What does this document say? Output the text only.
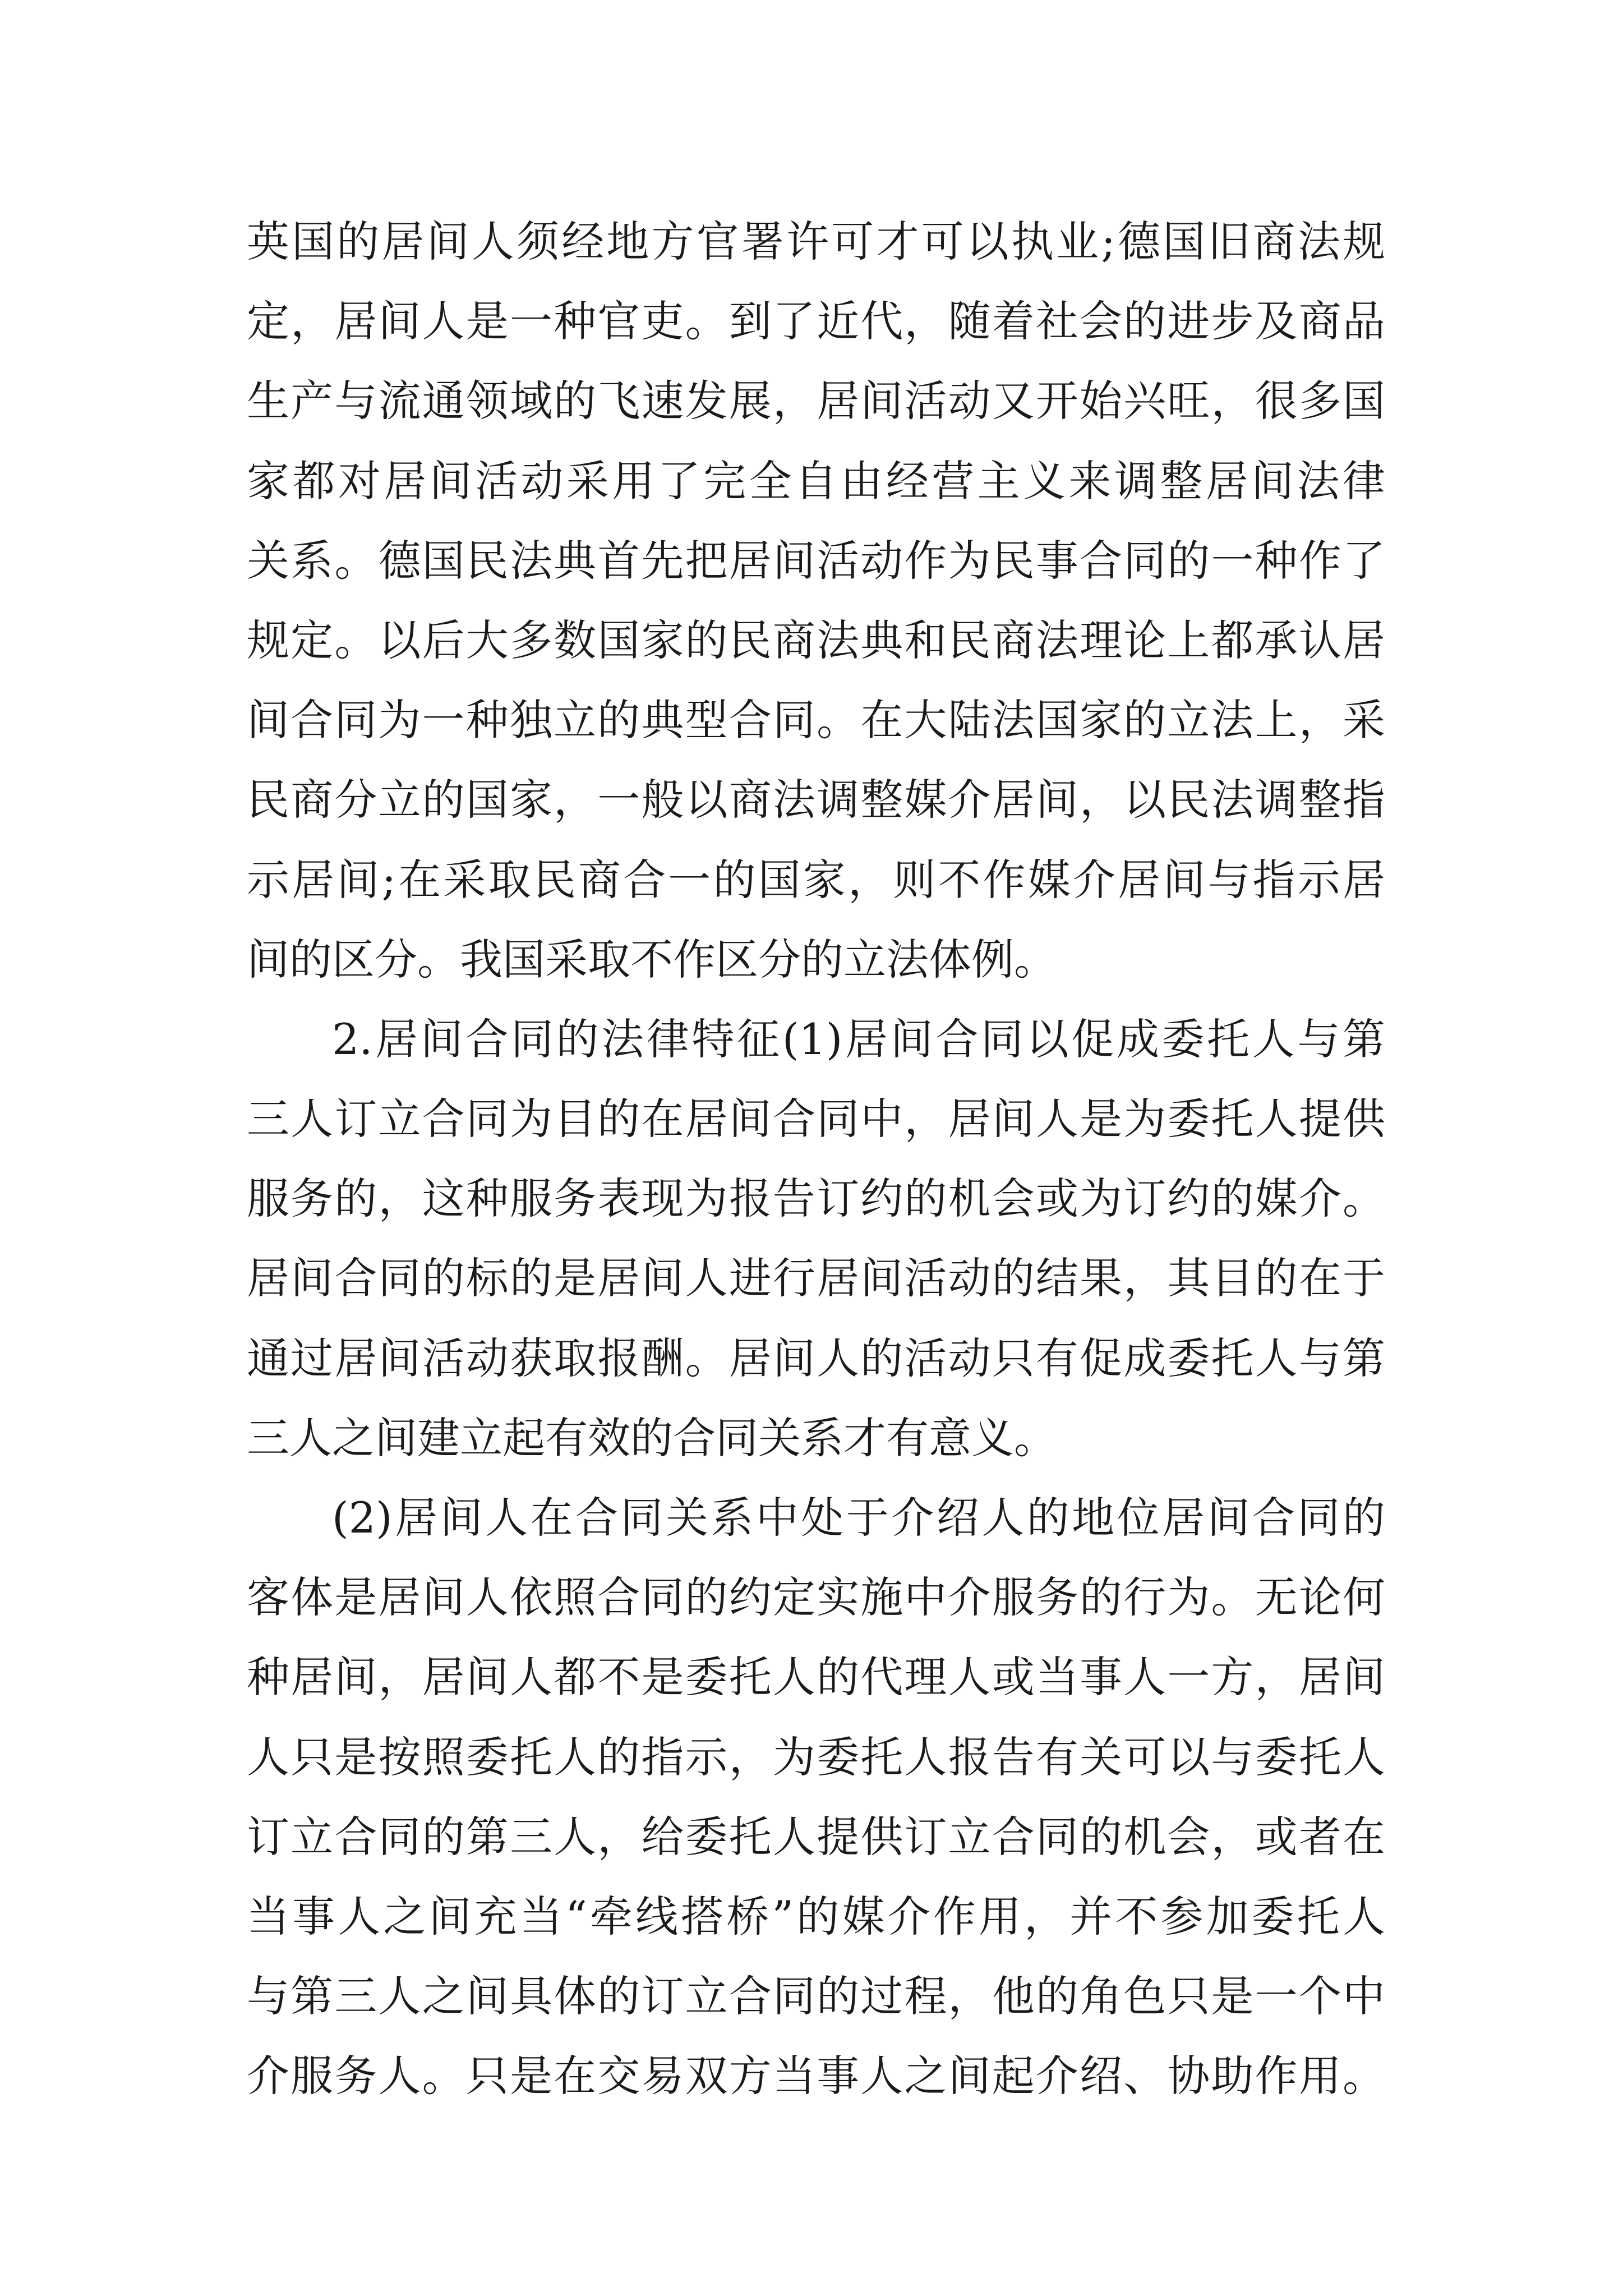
英国的居间人须经地方官署许可才可以执业;德国旧商法规
定，居间人是一种官吏。到了近代，随着社会的进步及商品
生产与流通领域的飞速发展，居间活动又开始兴旺，很多国
家都对居间活动采用了完全自由经营主义来调整居间法律
关系。德国民法典首先把居间活动作为民事合同的一种作了
规定。以后大多数国家的民商法典和民商法理论上都承认居
间合同为一种独立的典型合同。在大陆法国家的立法上，采
民商分立的国家，一般以商法调整媒介居间，以民法调整指
示居间;在采取民商合一的国家，则不作媒介居间与指示居
间的区分。我国采取不作区分的立法体例。
2.居间合同的法律特征(1)居间合同以促成委托人与第
三人订立合同为目的在居间合同中，居间人是为委托人提供
服务的，这种服务表现为报告订约的机会或为订约的媒介。
居间合同的标的是居间人进行居间活动的结果，其目的在于
通过居间活动获取报酬。居间人的活动只有促成委托人与第
三人之间建立起有效的合同关系才有意义。
(2)居间人在合同关系中处于介绍人的地位居间合同的
客体是居间人依照合同的约定实施中介服务的行为。无论何
种居间，居间人都不是委托人的代理人或当事人一方，居间
人只是按照委托人的指示，为委托人报告有关可以与委托人
订立合同的第三人，给委托人提供订立合同的机会，或者在
当事人之间充当“牵线搭桥”的媒介作用，并不参加委托人
与第三人之间具体的订立合同的过程，他的角色只是一个中
介服务人。只是在交易双方当事人之间起介绍、协助作用。
